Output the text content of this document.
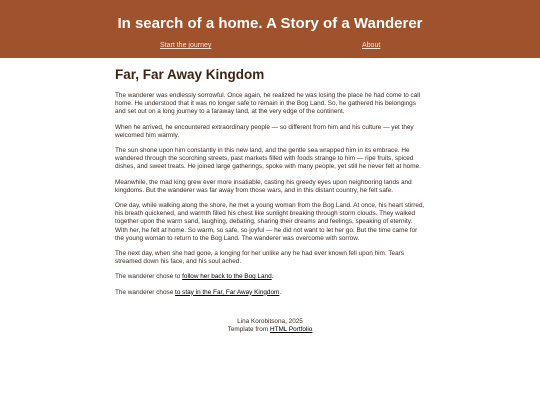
In search of a home. A Story of a Wanderer
Start the journey	About
Far, Far Away Kingdom

The wanderer was endlessly sorrowful. Once again, he realized he was losing the place he had come to call home. He understood that it was no longer safe to remain in the Bog Land. So, he gathered his belongings and set out on a long journey to a faraway land, at the very edge of the continent.

When he arrived, he encountered extraordinary people — so different from him and his culture — yet they welcomed him warmly.

The sun shone upon him constantly in this new land, and the gentle sea wrapped him in its embrace. He wandered through the scorching streets, past markets filled with foods strange to him — ripe fruits, spiced dishes, and sweet treats. He joined large gatherings, spoke with many people, yet still he never felt at home.

Meanwhile, the mad king grew ever more insatiable, casting his greedy eyes upon neighboring lands and kingdoms. But the wanderer was far away from those wars, and in this distant country, he felt safe.

One day, while walking along the shore, he met a young woman from the Bog Land. At once, his heart stirred, his breath quickened, and warmth filled his chest like sunlight breaking through storm clouds. They walked together upon the warm sand, laughing, debating, sharing their dreams and feelings, speaking of eternity. With her, he felt at home. So warm, so safe, so joyful — he did not want to let her go. But the time came for the young woman to return to the Bog Land. The wanderer was overcome with sorrow.

The next day, when she had gone, a longing for her unlike any he had ever known fell upon him. Tears streamed down his face, and his soul ached.

The wanderer chose to follow her back to the Bog Land.

The wanderer chose to stay in the Far, Far Away Kingdom.

Lina Korobitsona, 2025
Template from HTML Portfolio
